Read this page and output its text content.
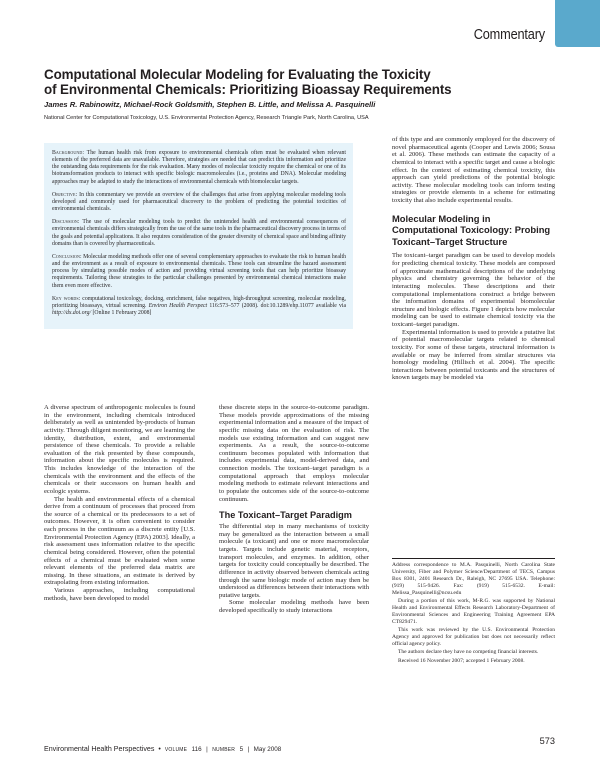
Commentary
Computational Molecular Modeling for Evaluating the Toxicity
of Environmental Chemicals: Prioritizing Bioassay Requirements
James R. Rabinowitz, Michael-Rock Goldsmith, Stephen B. Little, and Melissa A. Pasquinelli
National Center for Computational Toxicology, U.S. Environmental Protection Agency, Research Triangle Park, North Carolina, USA

Background: The human health risk from exposure to environmental chemicals often must be evaluated when relevant elements of the preferred data are unavailable. Therefore, strategies are needed that can predict this information and prioritize the outstanding data requirements for the risk evaluation. Many modes of molecular toxicity require the chemical or one of its biotransformation products to interact with specific biologic macromolecules (i.e., proteins and DNA). Molecular modeling approaches may be adapted to study the interactions of environmental chemicals with biomolecular targets.

Objective: In this commentary we provide an overview of the challenges that arise from applying molecular modeling tools developed and commonly used for pharmaceutical discovery to the problem of predicting the potential toxicities of environmental chemicals.

Discussion: The use of molecular modeling tools to predict the unintended health and environmental consequences of environmental chemicals differs strategically from the use of the same tools in the pharmaceutical discovery process in terms of the goals and potential applications. It also requires consideration of the greater diversity of chemical space and binding affinity domains than is covered by pharmaceuticals.

Conclusion: Molecular modeling methods offer one of several complementary approaches to evaluate the risk to human health and the environment as a result of exposure to environmental chemicals. These tools can streamline the hazard assessment process by simulating possible modes of action and providing virtual screening tools that can help prioritize bioassay requirements. Tailoring these strategies to the particular challenges presented by environmental chemical interactions make them even more effective.

Key words: computational toxicology, docking, enrichment, false negatives, high-throughput screening, molecular modeling, prioritizing bioassays, virtual screening. Environ Health Perspect 116:573–577 (2008). doi:10.1289/ehp.11077 available via http://dx.doi.org/ [Online 1 February 2008]

A diverse spectrum of anthropogenic molecules is found in the environment, including chemicals introduced deliberately as well as unintended by-products of human activity. Through diligent monitoring, we are learning the identity, distribution, extent, and environmental persistence of these chemicals. To provide a reliable evaluation of the risk presented by these compounds, information about the specific molecules is required. This includes knowledge of the interaction of the chemicals with the environment and the effects of the chemicals or their successors on human health and ecologic systems.

The health and environmental effects of a chemical derive from a continuum of processes that proceed from the source of a chemical or its predecessors to a set of outcomes. However, it is often convenient to consider each process in the continuum as a discrete entity [U.S. Environmental Protection Agency (EPA) 2003]. Ideally, a risk assessment uses information relative to the specific chemical being considered. However, often the potential effects of a chemical must be evaluated when some relevant elements of the preferred data matrix are missing. In these situations, an estimate is derived by extrapolating from existing information.

Various approaches, including computational methods, have been developed to model

these discrete steps in the source-to-outcome paradigm. These models provide approximations of the missing experimental information and a measure of the impact of specific missing data on the evaluation of risk. The models use existing information and can suggest new experiments. As a result, the source-to-outcome continuum becomes populated with information that includes experimental data, model-derived data, and connection models. The toxicant–target paradigm is a computational approach that employs molecular modeling methods to estimate relevant interactions and to populate the outcomes side of the source-to-outcome continuum.

The Toxicant–Target Paradigm

The differential step in many mechanisms of toxicity may be generalized as the interaction between a small molecule (a toxicant) and one or more macromolecular targets. Targets include genetic material, receptors, transport molecules, and enzymes. In addition, other targets for toxicity could conceptually be described. The difference in activity observed between chemicals acting through the same biologic mode of action may then be understood as differences between their interactions with putative targets.

Some molecular modeling methods have been developed specifically to study interactions

of this type and are commonly employed for the discovery of novel pharmaceutical agents (Cooper and Lewis 2006; Sousa et al. 2006). These methods can estimate the capacity of a chemical to interact with a specific target and cause a biologic effect. In the context of estimating chemical toxicity, this approach can yield predictions of the potential biologic activity. These molecular modeling tools can inform testing strategies or provide elements in a scheme for estimating toxicity that also include experimental results.

Molecular Modeling in Computational Toxicology: Probing Toxicant–Target Structure

The toxicant–target paradigm can be used to develop models for predicting chemical toxicity. These models are composed of approximate mathematical descriptions of the underlying physics and chemistry governing the behavior of the interacting molecules. These descriptions and their computational implementations construct a bridge between the information domains of experimental biomolecular structure and biologic effects. Figure 1 depicts how molecular modeling can be used to estimate chemical toxicity via the toxicant–target paradigm.

Experimental information is used to provide a putative list of potential macromolecular targets related to chemical toxicity. For some of these targets, structural information is available or may be inferred from similar structures via homology modeling (Hillisch et al. 2004). The specific interactions between potential toxicants and the structures of known targets may be modeled via

Address correspondence to M.A. Pasquinelli, North Carolina State University, Fiber and Polymer Science/Department of TECS, Campus Box 8301, 2401 Research Dr., Raleigh, NC 27695 USA. Telephone: (919) 515-9426. Fax: (919) 515-6532. E-mail: Melissa_Pasquinelli@ncsu.edu

During a portion of this work, M-R.G. was supported by National Health and Environmental Effects Research Laboratory-Department of Environmental Sciences and Engineering Training Agreement EPA CT829471.

This work was reviewed by the U.S. Environmental Protection Agency and approved for publication but does not necessarily reflect official agency policy.

The authors declare they have no competing financial interests.

Received 16 November 2007; accepted 1 February 2008.

Environmental Health Perspectives • VOLUME 116 | NUMBER 5 | May 2008
573
